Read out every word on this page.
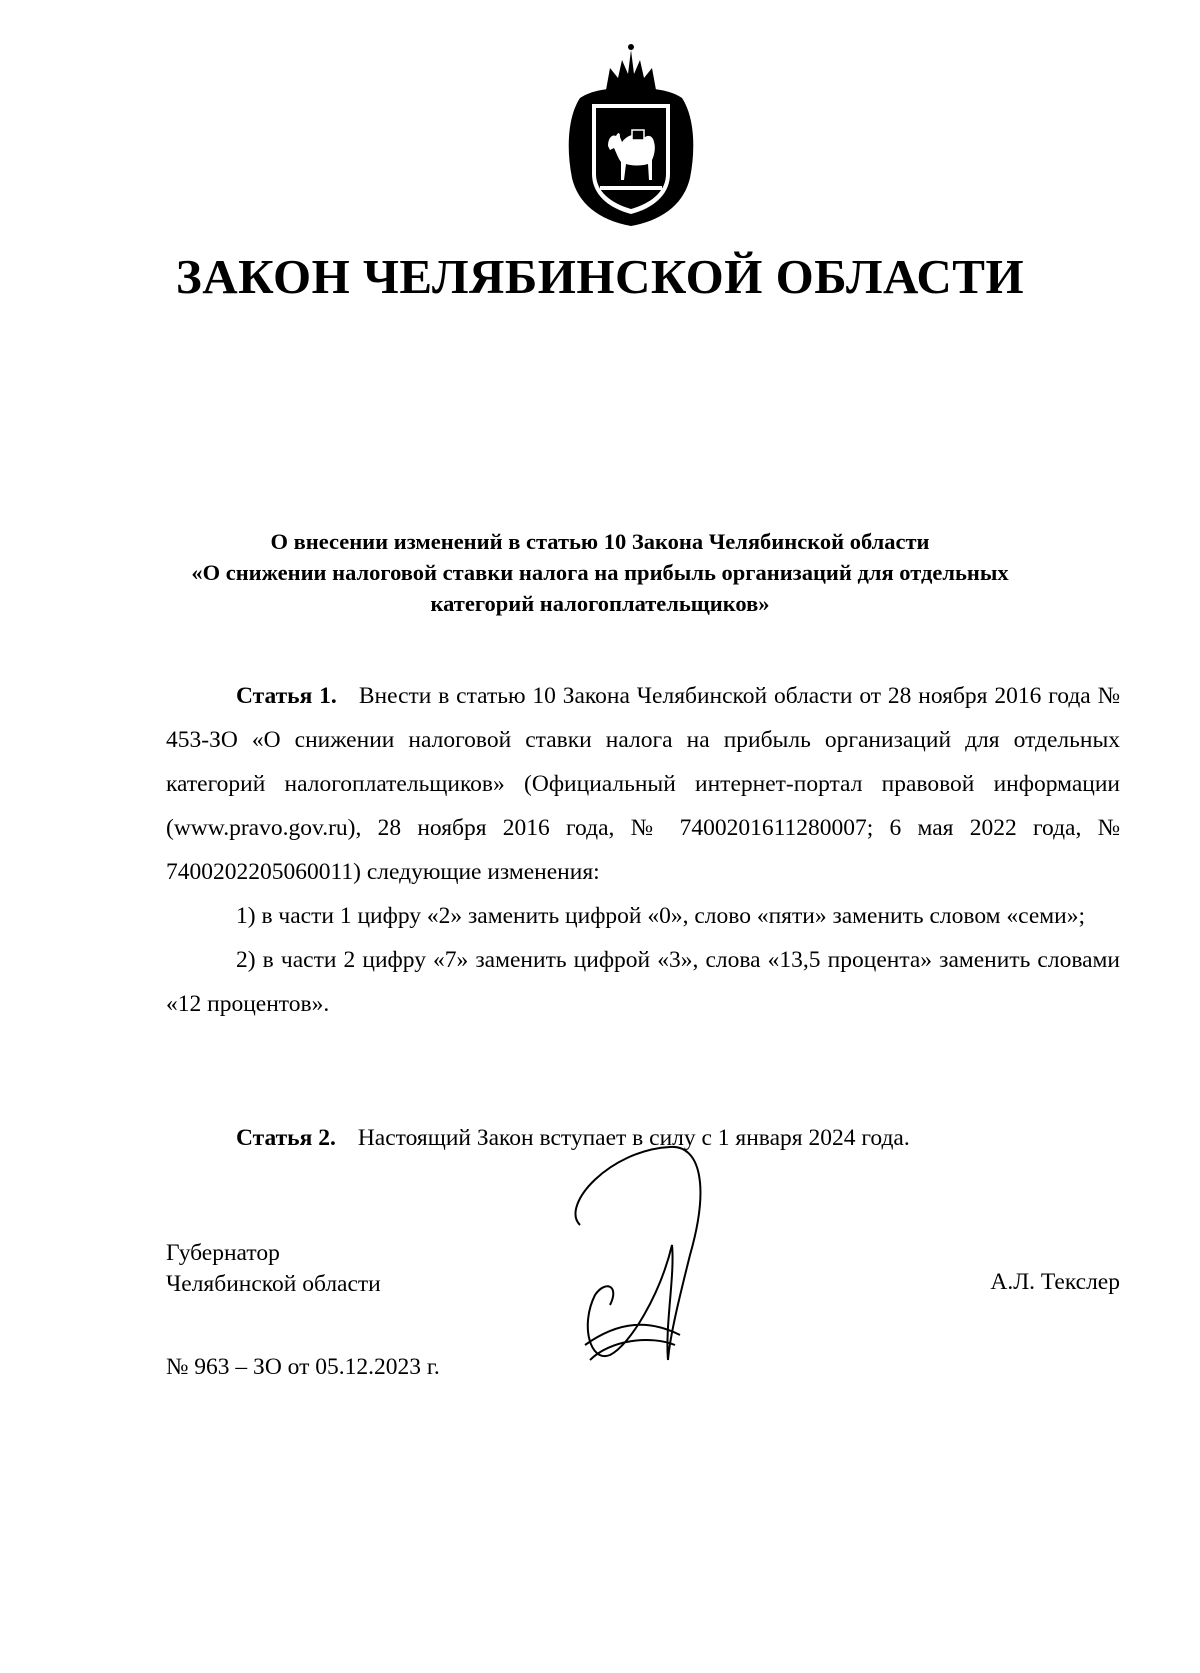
ЗАКОН ЧЕЛЯБИНСКОЙ ОБЛАСТИ
О внесении изменений в статью 10 Закона Челябинской области
«О снижении налоговой ставки налога на прибыль организаций для отдельных
категорий налогоплательщиков»

Статья 1. Внести в статью 10 Закона Челябинской области от 28 ноября 2016 года № 453-ЗО «О снижении налоговой ставки налога на прибыль организаций для отдельных категорий налогоплательщиков» (Официальный интернет-портал правовой информации (www.pravo.gov.ru), 28 ноября 2016 года, № 7400201611280007; 6 мая 2022 года, № 7400202205060011) следующие изменения:

1) в части 1 цифру «2» заменить цифрой «0», слово «пяти» заменить словом «семи»;

2) в части 2 цифру «7» заменить цифрой «3», слова «13,5 процента» заменить словами «12 процентов».

Статья 2. Настоящий Закон вступает в силу с 1 января 2024 года.

Губернатор
Челябинской области	А.Л. Текслер
№ 963 – ЗО от 05.12.2023 г.
